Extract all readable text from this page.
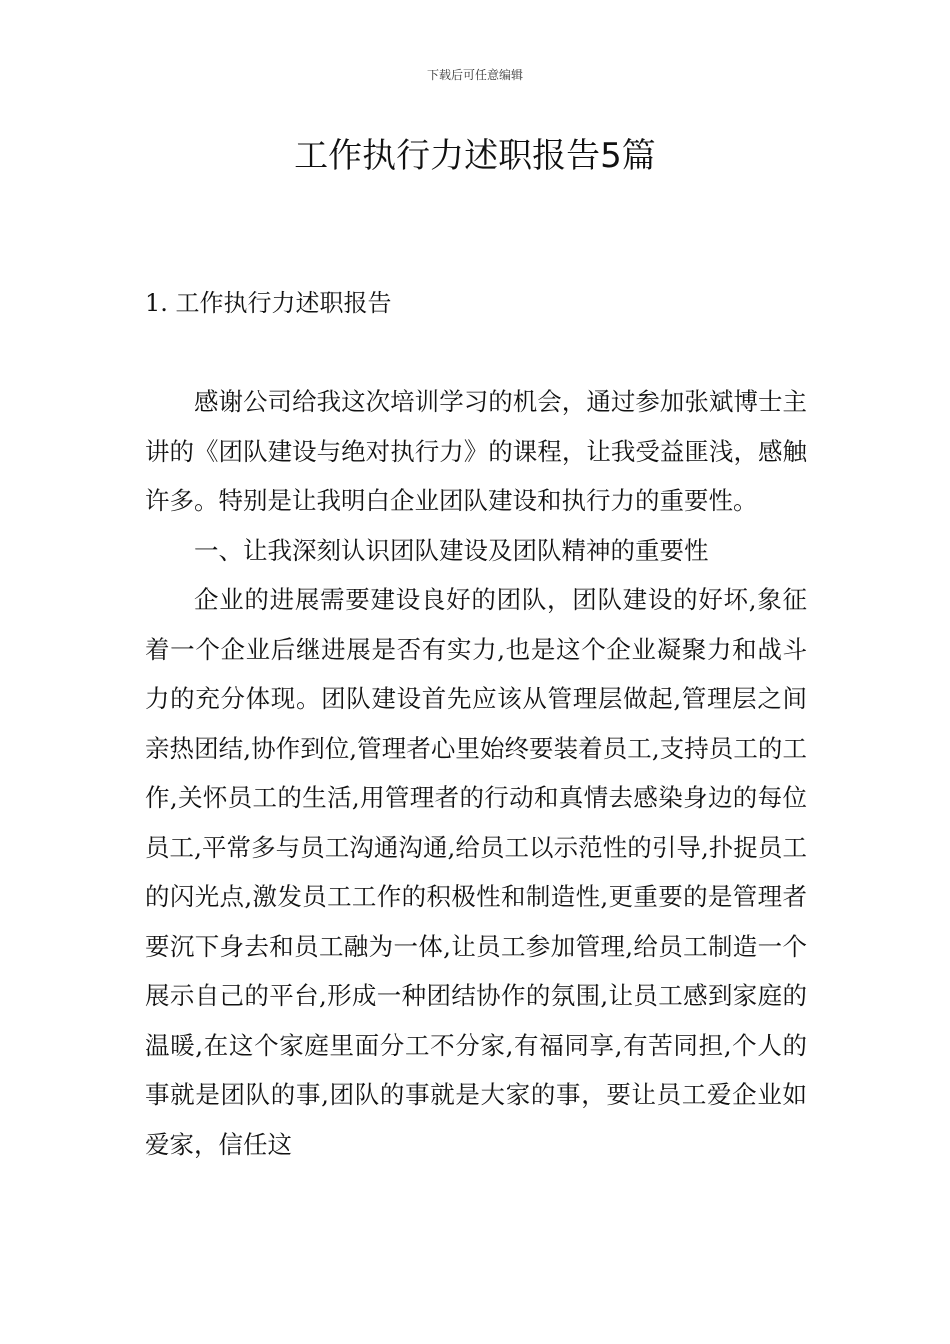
下载后可任意编辑
工作执行力述职报告5篇
1. 工作执行力述职报告

感谢公司给我这次培训学习的机会，通过参加张斌博士主讲的《团队建设与绝对执行力》的课程，让我受益匪浅，感触许多。特别是让我明白企业团队建设和执行力的重要性。

一、让我深刻认识团队建设及团队精神的重要性

企业的进展需要建设良好的团队，团队建设的好坏,象征着一个企业后继进展是否有实力,也是这个企业凝聚力和战斗力的充分体现。团队建设首先应该从管理层做起,管理层之间亲热团结,协作到位,管理者心里始终要装着员工,支持员工的工作,关怀员工的生活,用管理者的行动和真情去感染身边的每位员工,平常多与员工沟通沟通,给员工以示范性的引导,扑捉员工的闪光点,激发员工工作的积极性和制造性,更重要的是管理者要沉下身去和员工融为一体,让员工参加管理,给员工制造一个展示自己的平台,形成一种团结协作的氛围,让员工感到家庭的温暖,在这个家庭里面分工不分家,有福同享,有苦同担,个人的事就是团队的事,团队的事就是大家的事，要让员工爱企业如爱家，信任这
